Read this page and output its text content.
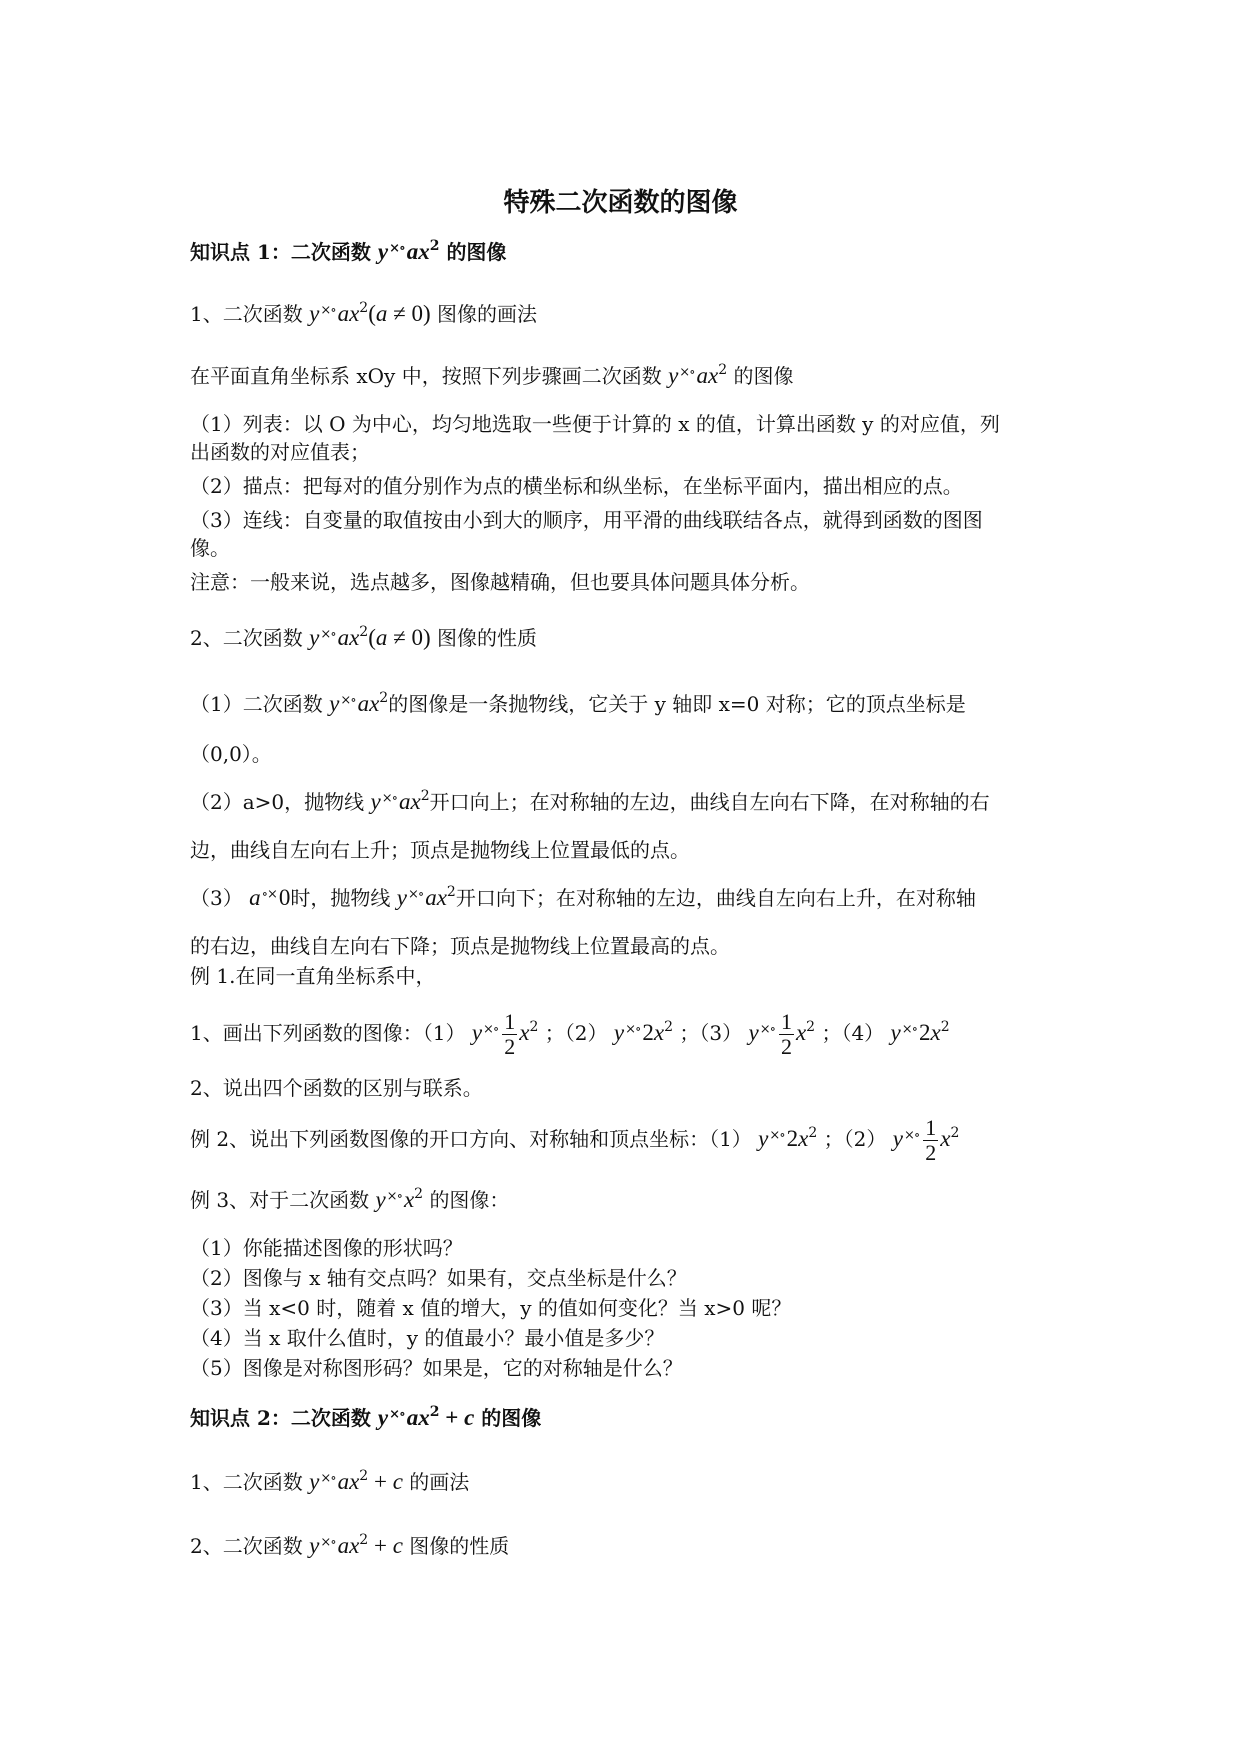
特殊二次函数的图像
知识点 1：二次函数 $y^{\times\circ}ax^2$ 的图像
1、二次函数 $y^{\times\circ}ax^2(a \ne 0)$ 图像的画法
在平面直角坐标系 xOy 中，按照下列步骤画二次函数 $y^{\times\circ}ax^2$ 的图像
（1）列表：以 O 为中心，均匀地选取一些便于计算的 x 的值，计算出函数 y 的对应值，列
出函数的对应值表；
（2）描点：把每对的值分别作为点的横坐标和纵坐标，在坐标平面内，描出相应的点。
（3）连线：自变量的取值按由小到大的顺序，用平滑的曲线联结各点，就得到函数的图图
像。
注意：一般来说，选点越多，图像越精确，但也要具体问题具体分析。
2、二次函数 $y^{\times\circ}ax^2(a \ne 0)$ 图像的性质
（1）二次函数 $y^{\times\circ}ax^2$的图像是一条抛物线，它关于 y 轴即 x=0 对称；它的顶点坐标是
（0,0）。
（2）a>0，抛物线 $y^{\times\circ}ax^2$开口向上；在对称轴的左边，曲线自左向右下降，在对称轴的右
边，曲线自左向右上升；顶点是抛物线上位置最低的点。
（3） a∘×0时，抛物线 $y^{\times\circ}ax^2$开口向下；在对称轴的左边，曲线自左向右上升，在对称轴
的右边，曲线自左向右下降；顶点是抛物线上位置最高的点。
例 1.在同一直角坐标系中，
1、画出下列函数的图像：（1） $y^{\times\circ} \frac{1}{2} x^2$ ；（2） $y^{\times\circ}2x^2$ ；（3） $y^{\times\circ} \frac{1}{2} x^2$ ；（4） $y^{\times\circ}2x^2$
2、说出四个函数的区别与联系。
例 2、说出下列函数图像的开口方向、对称轴和顶点坐标：（1） $y^{\times\circ}2x^2$ ；（2） $y^{\times\circ} \frac{1}{2} x^2$
例 3、对于二次函数 $y^{\times\circ}x^2$ 的图像：
（1）你能描述图像的形状吗？
（2）图像与 x 轴有交点吗？如果有，交点坐标是什么？
（3）当 x<0 时，随着 x 值的增大，y 的值如何变化？当 x>0 呢？
（4）当 x 取什么值时，y 的值最小？最小值是多少？
（5）图像是对称图形码？如果是，它的对称轴是什么？
知识点 2：二次函数 $y^{\times\circ}ax^2 + c$ 的图像
1、二次函数 $y^{\times\circ}ax^2 + c$ 的画法
2、二次函数 $y^{\times\circ}ax^2 + c$ 图像的性质
